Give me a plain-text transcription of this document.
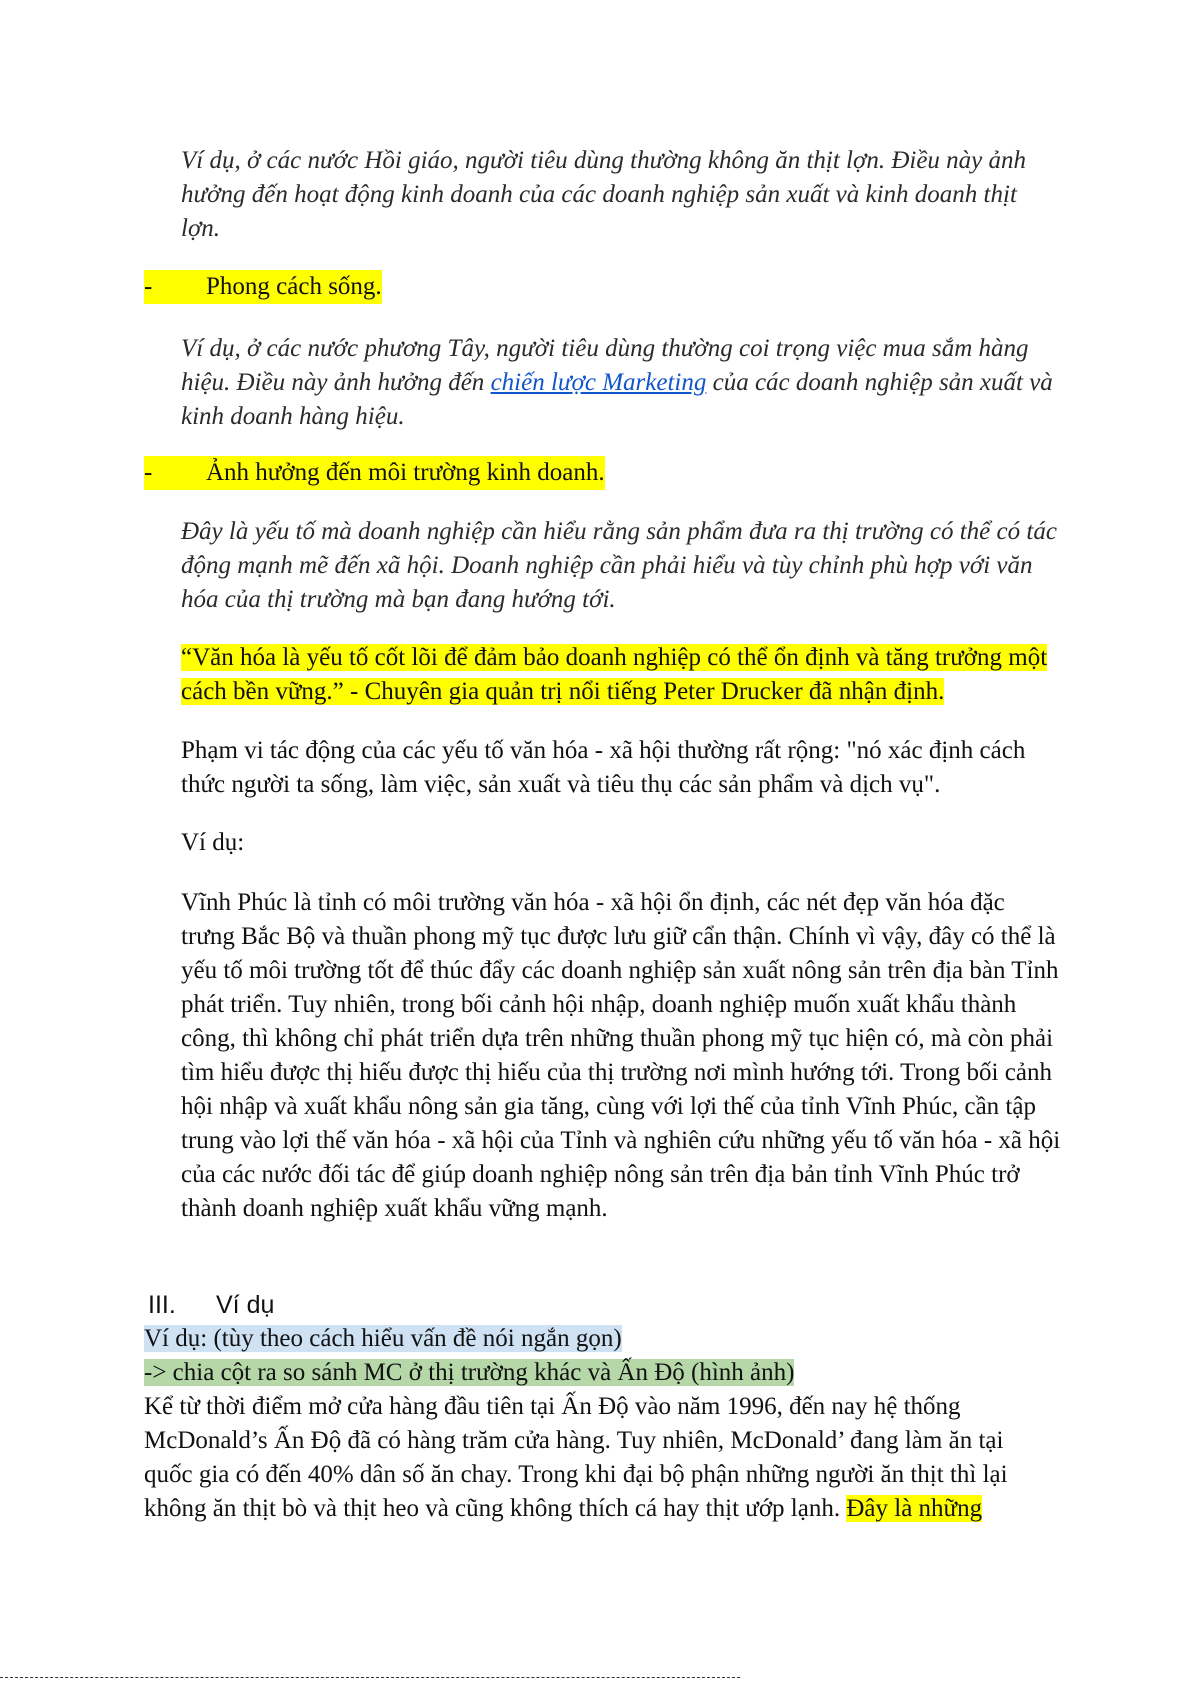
Ví dụ, ở các nước Hồi giáo, người tiêu dùng thường không ăn thịt lợn. Điều này ảnh hưởng đến hoạt động kinh doanh của các doanh nghiệp sản xuất và kinh doanh thịt lợn.

- Phong cách sống.

Ví dụ, ở các nước phương Tây, người tiêu dùng thường coi trọng việc mua sắm hàng hiệu. Điều này ảnh hưởng đến chiến lược Marketing của các doanh nghiệp sản xuất và kinh doanh hàng hiệu.

- Ảnh hưởng đến môi trường kinh doanh.

Đây là yếu tố mà doanh nghiệp cần hiểu rằng sản phẩm đưa ra thị trường có thể có tác động mạnh mẽ đến xã hội. Doanh nghiệp cần phải hiểu và tùy chỉnh phù hợp với văn hóa của thị trường mà bạn đang hướng tới.

“Văn hóa là yếu tố cốt lõi để đảm bảo doanh nghiệp có thể ổn định và tăng trưởng một cách bền vững.” - Chuyên gia quản trị nổi tiếng Peter Drucker đã nhận định.

Phạm vi tác động của các yếu tố văn hóa - xã hội thường rất rộng: "nó xác định cách thức người ta sống, làm việc, sản xuất và tiêu thụ các sản phẩm và dịch vụ".

Ví dụ:

Vĩnh Phúc là tỉnh có môi trường văn hóa - xã hội ổn định, các nét đẹp văn hóa đặc trưng Bắc Bộ và thuần phong mỹ tục được lưu giữ cẩn thận. Chính vì vậy, đây có thể là yếu tố môi trường tốt để thúc đẩy các doanh nghiệp sản xuất nông sản trên địa bàn Tỉnh phát triển. Tuy nhiên, trong bối cảnh hội nhập, doanh nghiệp muốn xuất khẩu thành công, thì không chỉ phát triển dựa trên những thuần phong mỹ tục hiện có, mà còn phải tìm hiểu được thị hiếu được thị hiếu của thị trường nơi mình hướng tới. Trong bối cảnh hội nhập và xuất khẩu nông sản gia tăng, cùng với lợi thế của tỉnh Vĩnh Phúc, cần tập trung vào lợi thế văn hóa - xã hội của Tỉnh và nghiên cứu những yếu tố văn hóa - xã hội của các nước đối tác để giúp doanh nghiệp nông sản trên địa bản tỉnh Vĩnh Phúc trở thành doanh nghiệp xuất khẩu vững mạnh.

III. Ví dụ

Ví dụ: (tùy theo cách hiểu vấn đề nói ngắn gọn)

-> chia cột ra so sánh MC ở thị trường khác và Ấn Độ (hình ảnh)

Kể từ thời điểm mở cửa hàng đầu tiên tại Ấn Độ vào năm 1996, đến nay hệ thống McDonald’s Ấn Độ đã có hàng trăm cửa hàng. Tuy nhiên, McDonald’ đang làm ăn tại quốc gia có đến 40% dân số ăn chay. Trong khi đại bộ phận những người ăn thịt thì lại không ăn thịt bò và thịt heo và cũng không thích cá hay thịt ướp lạnh. Đây là những
